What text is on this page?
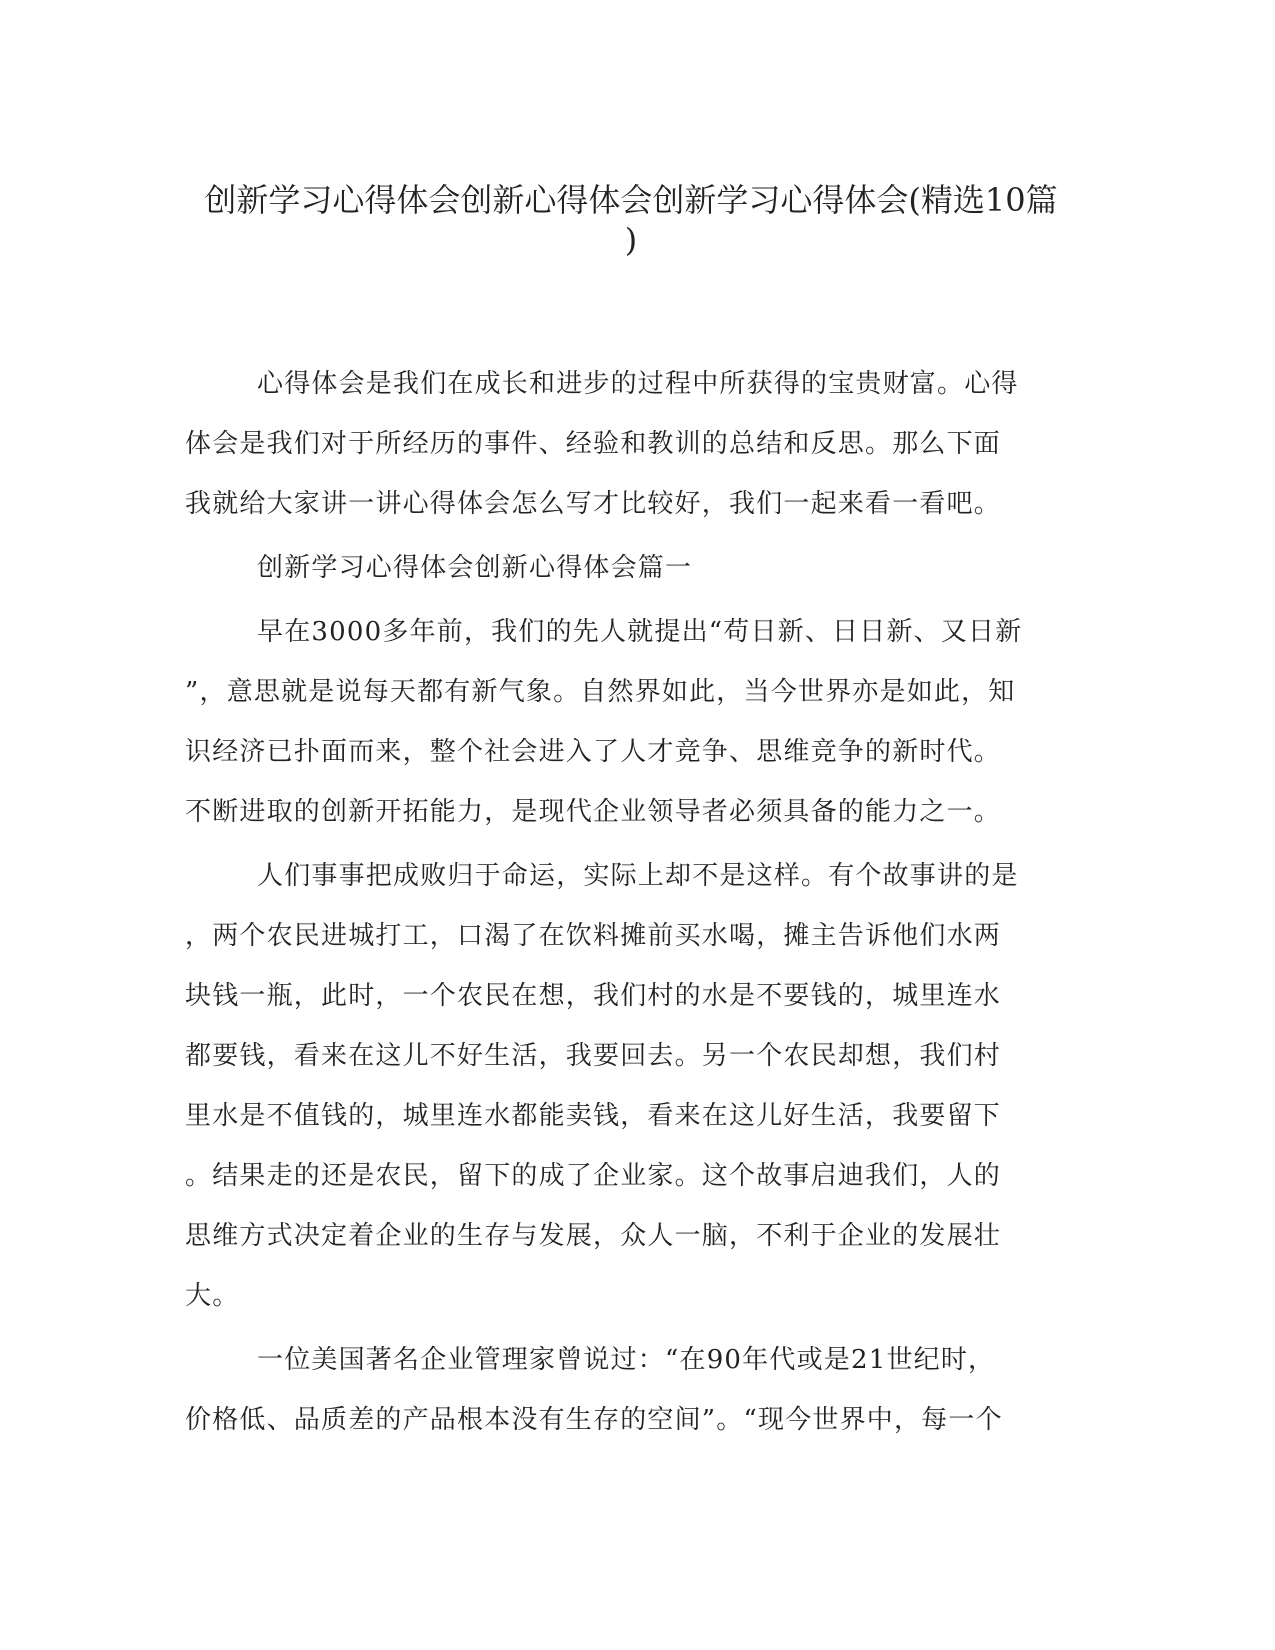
创新学习心得体会创新心得体会创新学习心得体会(精选10篇
)

心得体会是我们在成长和进步的过程中所获得的宝贵财富。心得
体会是我们对于所经历的事件、经验和教训的总结和反思。那么下面
我就给大家讲一讲心得体会怎么写才比较好，我们一起来看一看吧。

创新学习心得体会创新心得体会篇一

早在3000多年前，我们的先人就提出“苟日新、日日新、又日新
”，意思就是说每天都有新气象。自然界如此，当今世界亦是如此，知
识经济已扑面而来，整个社会进入了人才竞争、思维竞争的新时代。
不断进取的创新开拓能力，是现代企业领导者必须具备的能力之一。

人们事事把成败归于命运，实际上却不是这样。有个故事讲的是
，两个农民进城打工，口渴了在饮料摊前买水喝，摊主告诉他们水两
块钱一瓶，此时，一个农民在想，我们村的水是不要钱的，城里连水
都要钱，看来在这儿不好生活，我要回去。另一个农民却想，我们村
里水是不值钱的，城里连水都能卖钱，看来在这儿好生活，我要留下
。结果走的还是农民，留下的成了企业家。这个故事启迪我们，人的
思维方式决定着企业的生存与发展，众人一脑，不利于企业的发展壮
大。

一位美国著名企业管理家曾说过：“在90年代或是21世纪时，
价格低、品质差的产品根本没有生存的空间”。“现今世界中，每一个
